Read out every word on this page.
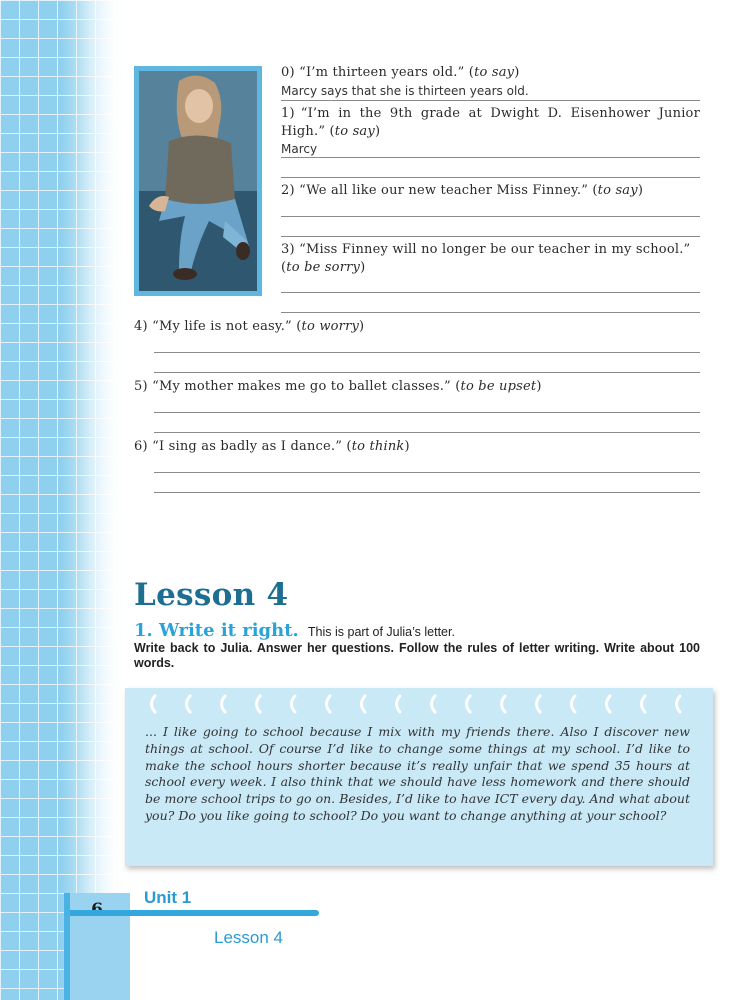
0) “I’m thirteen years old.” (to say)
Marcy says that she is thirteen years old.
1) “I’m in the 9th grade at Dwight D. Eisenhower Junior
High.” (to say)
Marcy
2) “We all like our new teacher Miss Finney.” (to say)
3) “Miss Finney will no longer be our teacher in my school.”
(to be sorry)
4) “My life is not easy.” (to worry)
5) “My mother makes me go to ballet classes.” (to be upset)
6) “I sing as badly as I dance.” (to think)
Lesson 4
1. Write it right. This is part of Julia’s letter.
Write back to Julia. Answer her questions. Follow the rules of letter writing. Write about 100 words.
... I like going to school because I mix with my friends there. Also I discover new things at school. Of course I’d like to change some things at my school. I’d like to make the school hours shorter because it’s really unfair that we spend 35 hours at school every week. I also think that we should have less homework and there should be more school trips to go on. Besides, I’d like to have ICT every day. And what about you? Do you like going to school? Do you want to change anything at your school?
Unit 1
Lesson 4
